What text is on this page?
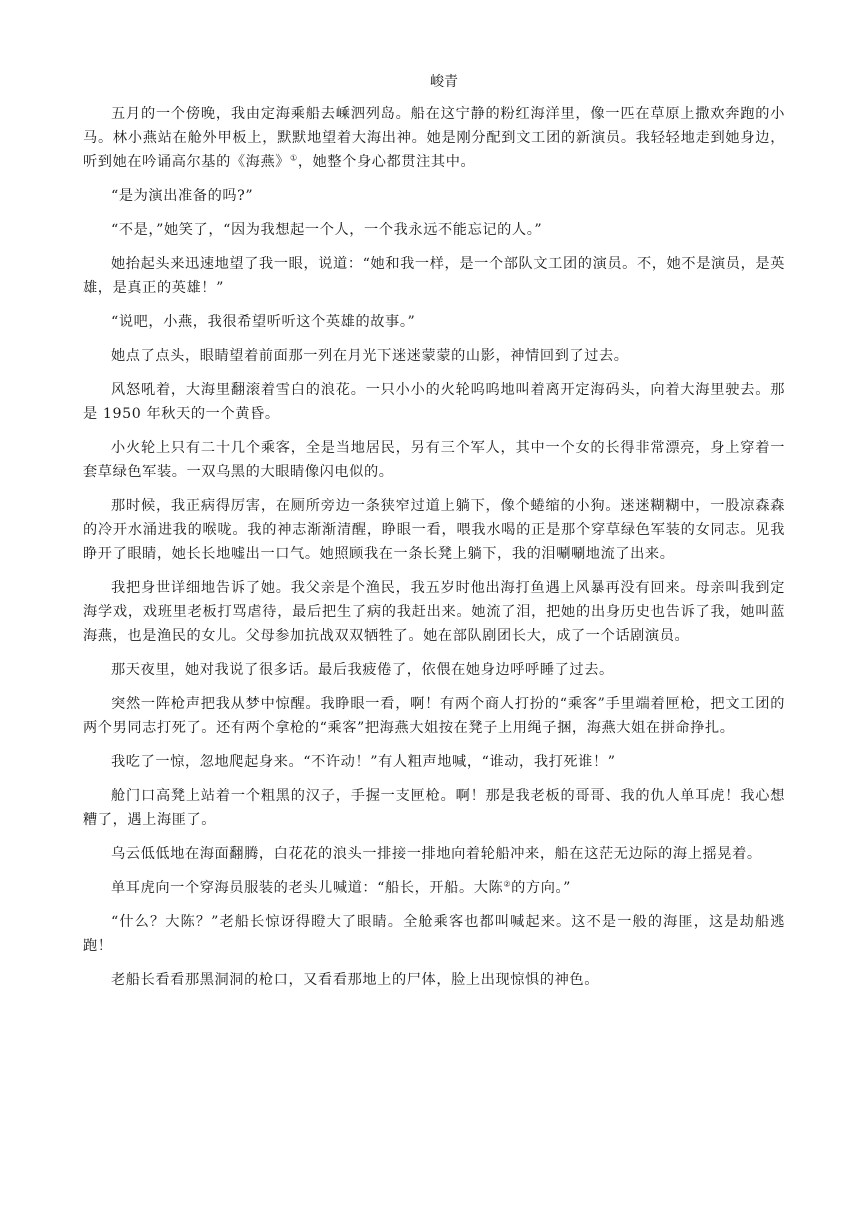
峻青

五月的一个傍晚，我由定海乘船去嵊泗列岛。船在这宁静的粉红海洋里，像一匹在草原上撒欢奔跑的小马。林小燕站在舱外甲板上，默默地望着大海出神。她是刚分配到文工团的新演员。我轻轻地走到她身边，听到她在吟诵高尔基的《海燕》①，她整个身心都贯注其中。

“是为演出准备的吗?”

“不是，”她笑了，“因为我想起一个人，一个我永远不能忘记的人。”

她抬起头来迅速地望了我一眼，说道：“她和我一样，是一个部队文工团的演员。不，她不是演员，是英雄，是真正的英雄！”

“说吧，小燕，我很希望听听这个英雄的故事。”

她点了点头，眼睛望着前面那一列在月光下迷迷蒙蒙的山影，神情回到了过去。

风怒吼着，大海里翻滚着雪白的浪花。一只小小的火轮呜呜地叫着离开定海码头，向着大海里驶去。那是 1950 年秋天的一个黄昏。

小火轮上只有二十几个乘客，全是当地居民，另有三个军人，其中一个女的长得非常漂亮，身上穿着一套草绿色军装。一双乌黑的大眼睛像闪电似的。

那时候，我正病得厉害，在厕所旁边一条狭窄过道上躺下，像个蜷缩的小狗。迷迷糊糊中，一股凉森森的冷开水涌进我的喉咙。我的神志渐渐清醒，睁眼一看，喂我水喝的正是那个穿草绿色军装的女同志。见我睁开了眼睛，她长长地嘘出一口气。她照顾我在一条长凳上躺下，我的泪唰唰地流了出来。

我把身世详细地告诉了她。我父亲是个渔民，我五岁时他出海打鱼遇上风暴再没有回来。母亲叫我到定海学戏，戏班里老板打骂虐待，最后把生了病的我赶出来。她流了泪，把她的出身历史也告诉了我，她叫蓝海燕，也是渔民的女儿。父母参加抗战双双牺牲了。她在部队剧团长大，成了一个话剧演员。

那天夜里，她对我说了很多话。最后我疲倦了，依偎在她身边呼呼睡了过去。

突然一阵枪声把我从梦中惊醒。我睁眼一看，啊！有两个商人打扮的“乘客”手里端着匣枪，把文工团的两个男同志打死了。还有两个拿枪的“乘客”把海燕大姐按在凳子上用绳子捆，海燕大姐在拼命挣扎。

我吃了一惊，忽地爬起身来。“不许动！”有人粗声地喊，“谁动，我打死谁！”

舱门口高凳上站着一个粗黑的汉子，手握一支匣枪。啊！那是我老板的哥哥、我的仇人单耳虎！我心想糟了，遇上海匪了。

乌云低低地在海面翻腾，白花花的浪头一排接一排地向着轮船冲来，船在这茫无边际的海上摇晃着。

单耳虎向一个穿海员服装的老头儿喊道：“船长，开船。大陈②的方向。”

“什么？大陈？”老船长惊讶得瞪大了眼睛。全舱乘客也都叫喊起来。这不是一般的海匪，这是劫船逃跑！

老船长看看那黑洞洞的枪口，又看看那地上的尸体，脸上出现惊惧的神色。
